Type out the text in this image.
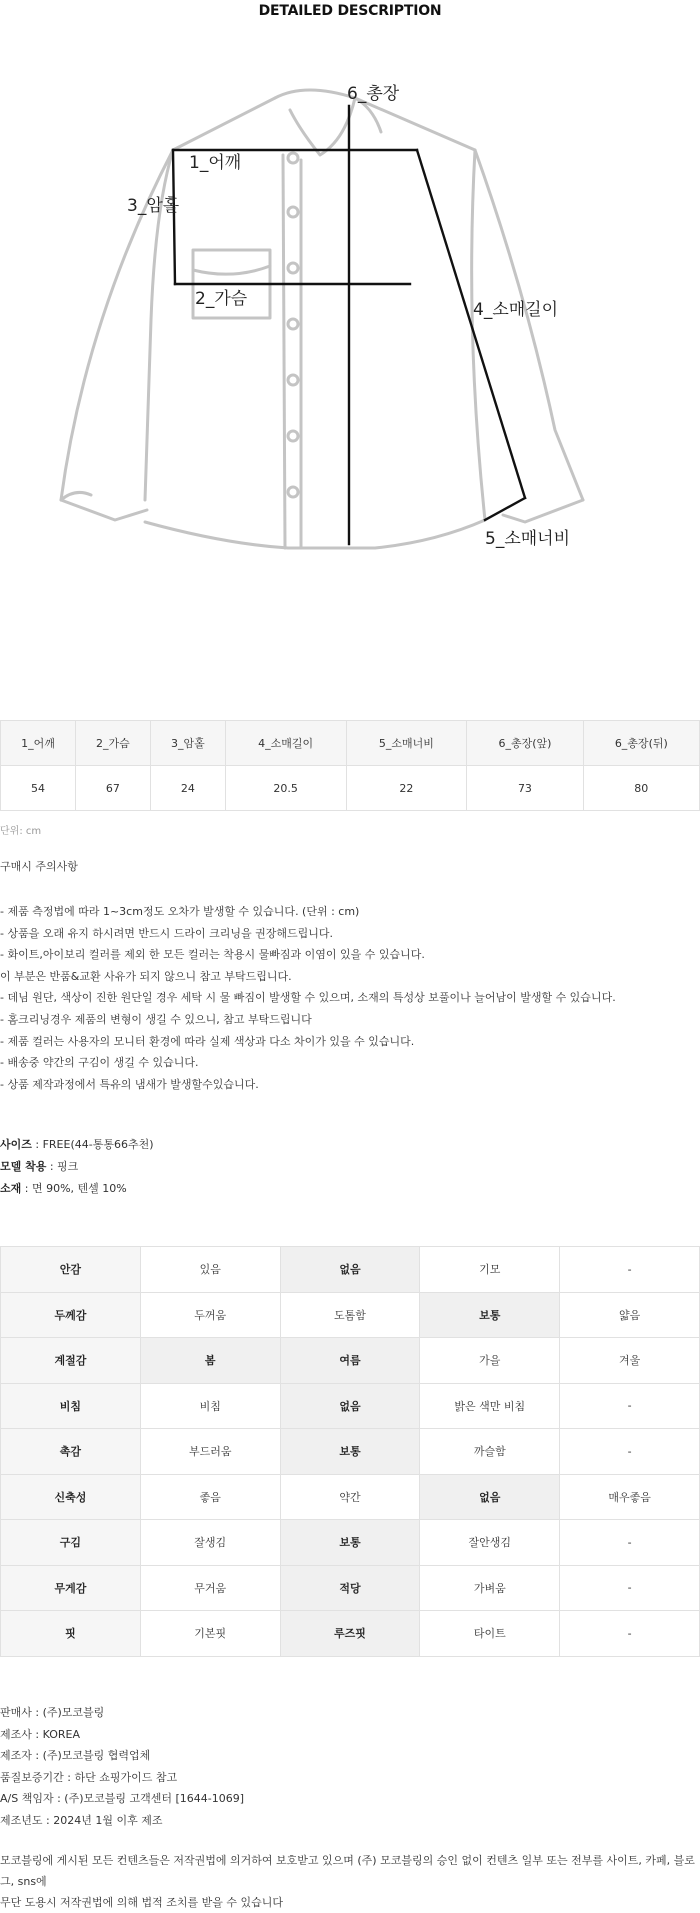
DETAILED DESCRIPTION
1_어깨
2_가슴
3_암홀
4_소매길이
5_소매너비
6_총장
1_어깨	2_가슴	3_암홀	4_소매길이	5_소매너비	6_총장(앞)	6_총장(뒤)
54	67	24	20.5	22	73	80
단위: cm
구매시 주의사항
- 제품 측정법에 따라 1~3cm정도 오차가 발생할 수 있습니다. (단위 : cm)
- 상품을 오래 유지 하시려면 반드시 드라이 크리닝을 권장해드립니다.
- 화이트,아이보리 컬러를 제외 한 모든 컬러는 착용시 물빠짐과 이염이 있을 수 있습니다.
이 부분은 반품&교환 사유가 되지 않으니 참고 부탁드립니다.
- 데님 원단, 색상이 진한 원단일 경우 세탁 시 물 빠짐이 발생할 수 있으며, 소재의 특성상 보풀이나 늘어남이 발생할 수 있습니다.
- 홈크리닝경우 제품의 변형이 생길 수 있으니, 참고 부탁드립니다
- 제품 컬러는 사용자의 모니터 환경에 따라 실제 색상과 다소 차이가 있을 수 있습니다.
- 배송중 약간의 구김이 생길 수 있습니다.
- 상품 제작과정에서 특유의 냄새가 발생할수있습니다.
사이즈 : FREE(44-통통66추천)
모델 착용 : 핑크
소재 : 면 90%, 텐셀 10%
안감	있음	없음	기모	-
두께감	두꺼움	도톰함	보통	얇음
계절감	봄	여름	가을	겨울
비침	비침	없음	밝은 색만 비침	-
촉감	부드러움	보통	까슬함	-
신축성	좋음	약간	없음	매우좋음
구김	잘생김	보통	잘안생김	-
무게감	무거움	적당	가벼움	-
핏	기본핏	루즈핏	타이트	-
판매사 : (주)모코블링
제조사 : KOREA
제조자 : (주)모코블링 협력업체
품질보증기간 : 하단 쇼핑가이드 참고
A/S 책임자 : (주)모코블링 고객센터 [1644-1069]
제조년도 : 2024년 1월 이후 제조
모코블링에 게시된 모든 컨텐츠들은 저작권법에 의거하여 보호받고 있으며 (주) 모코블링의 승인 없이 컨텐츠 일부 또는 전부를 사이트, 카페, 블로그, sns에
무단 도용시 저작권법에 의해 법적 조치를 받을 수 있습니다
